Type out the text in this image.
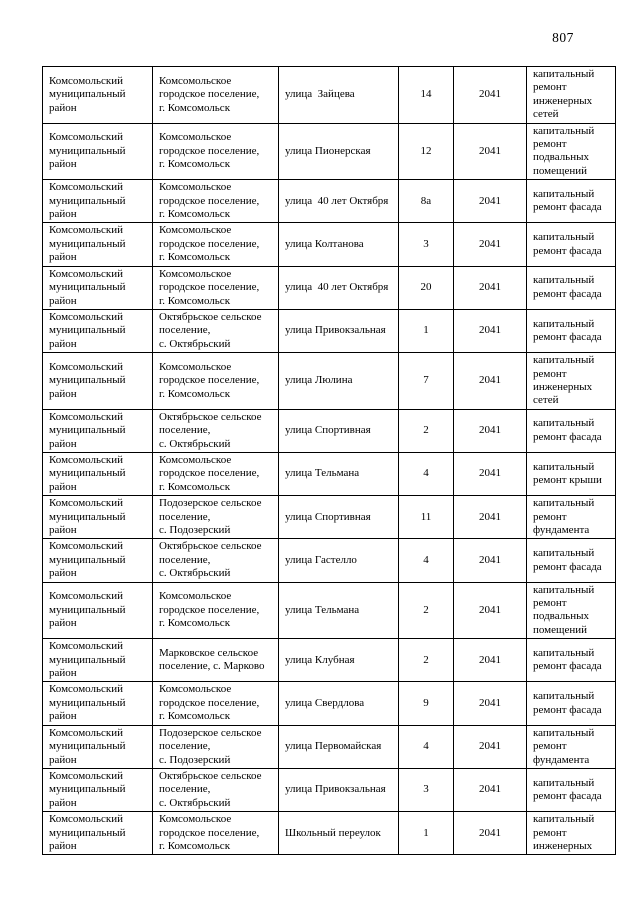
807
Комсомольский муниципальный район	Комсомольское городское поселение, г. Комсомольск	улица  Зайцева	14	2041	капитальный ремонт инженерных сетей
Комсомольский муниципальный район	Комсомольское городское поселение, г. Комсомольск	улица Пионерская	12	2041	капитальный ремонт подвальных помещений
Комсомольский муниципальный район	Комсомольское городское поселение, г. Комсомольск	улица  40 лет Октября	8а	2041	капитальный ремонт фасада
Комсомольский муниципальный район	Комсомольское городское поселение, г. Комсомольск	улица Колтанова	3	2041	капитальный ремонт фасада
Комсомольский муниципальный район	Комсомольское городское поселение, г. Комсомольск	улица  40 лет Октября	20	2041	капитальный ремонт фасада
Комсомольский муниципальный район	Октябрьское сельское поселение, с. Октябрьский	улица Привокзальная	1	2041	капитальный ремонт фасада
Комсомольский муниципальный район	Комсомольское городское поселение, г. Комсомольск	улица Люлина	7	2041	капитальный ремонт инженерных сетей
Комсомольский муниципальный район	Октябрьское сельское поселение, с. Октябрьский	улица Спортивная	2	2041	капитальный ремонт фасада
Комсомольский муниципальный район	Комсомольское городское поселение, г. Комсомольск	улица Тельмана	4	2041	капитальный ремонт крыши
Комсомольский муниципальный район	Подозерское сельское поселение, с. Подозерский	улица Спортивная	11	2041	капитальный ремонт фундамента
Комсомольский муниципальный район	Октябрьское сельское поселение, с. Октябрьский	улица Гастелло	4	2041	капитальный ремонт фасада
Комсомольский муниципальный район	Комсомольское городское поселение, г. Комсомольск	улица Тельмана	2	2041	капитальный ремонт подвальных помещений
Комсомольский муниципальный район	Марковское сельское поселение, с. Марково	улица Клубная	2	2041	капитальный ремонт фасада
Комсомольский муниципальный район	Комсомольское городское поселение, г. Комсомольск	улица Свердлова	9	2041	капитальный ремонт фасада
Комсомольский муниципальный район	Подозерское сельское поселение, с. Подозерский	улица Первомайская	4	2041	капитальный ремонт фундамента
Комсомольский муниципальный район	Октябрьское сельское поселение, с. Октябрьский	улица Привокзальная	3	2041	капитальный ремонт фасада
Комсомольский муниципальный район	Комсомольское городское поселение, г. Комсомольск	Школьный переулок	1	2041	капитальный ремонт инженерных
